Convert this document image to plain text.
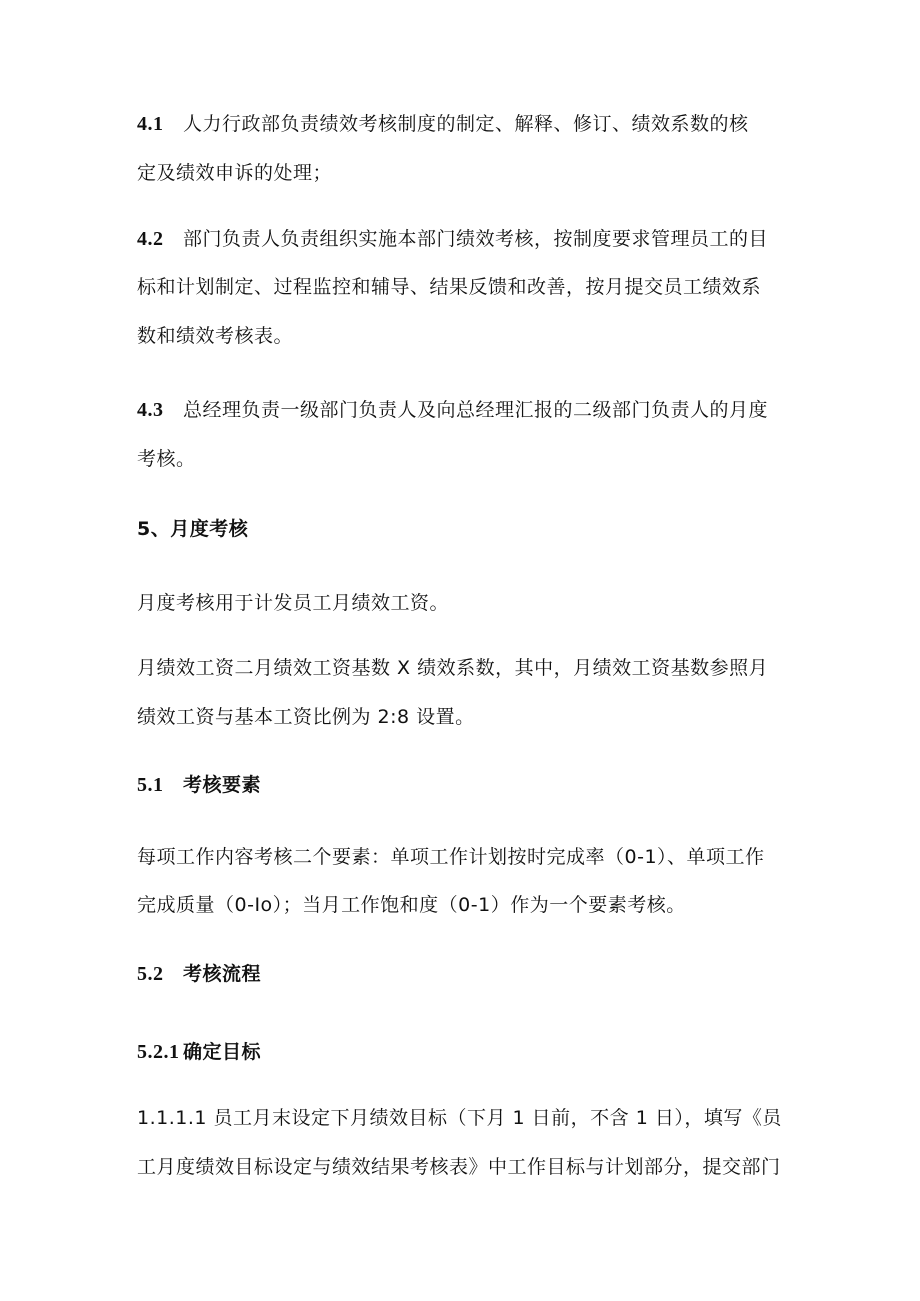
4.1 人力行政部负责绩效考核制度的制定、解释、修订、绩效系数的核
定及绩效申诉的处理；
4.2 部门负责人负责组织实施本部门绩效考核，按制度要求管理员工的目
标和计划制定、过程监控和辅导、结果反馈和改善，按月提交员工绩效系
数和绩效考核表。
4.3 总经理负责一级部门负责人及向总经理汇报的二级部门负责人的月度
考核。
5、月度考核
月度考核用于计发员工月绩效工资。
月绩效工资二月绩效工资基数 X 绩效系数，其中，月绩效工资基数参照月
绩效工资与基本工资比例为 2:8 设置。
5.1 考核要素
每项工作内容考核二个要素：单项工作计划按时完成率（0-1）、单项工作
完成质量（0-Io）；当月工作饱和度（0-1）作为一个要素考核。
5.2 考核流程
5.2.1 确定目标
1.1.1.1 员工月末设定下月绩效目标（下月 1 日前，不含 1 日），填写《员
工月度绩效目标设定与绩效结果考核表》中工作目标与计划部分，提交部门
